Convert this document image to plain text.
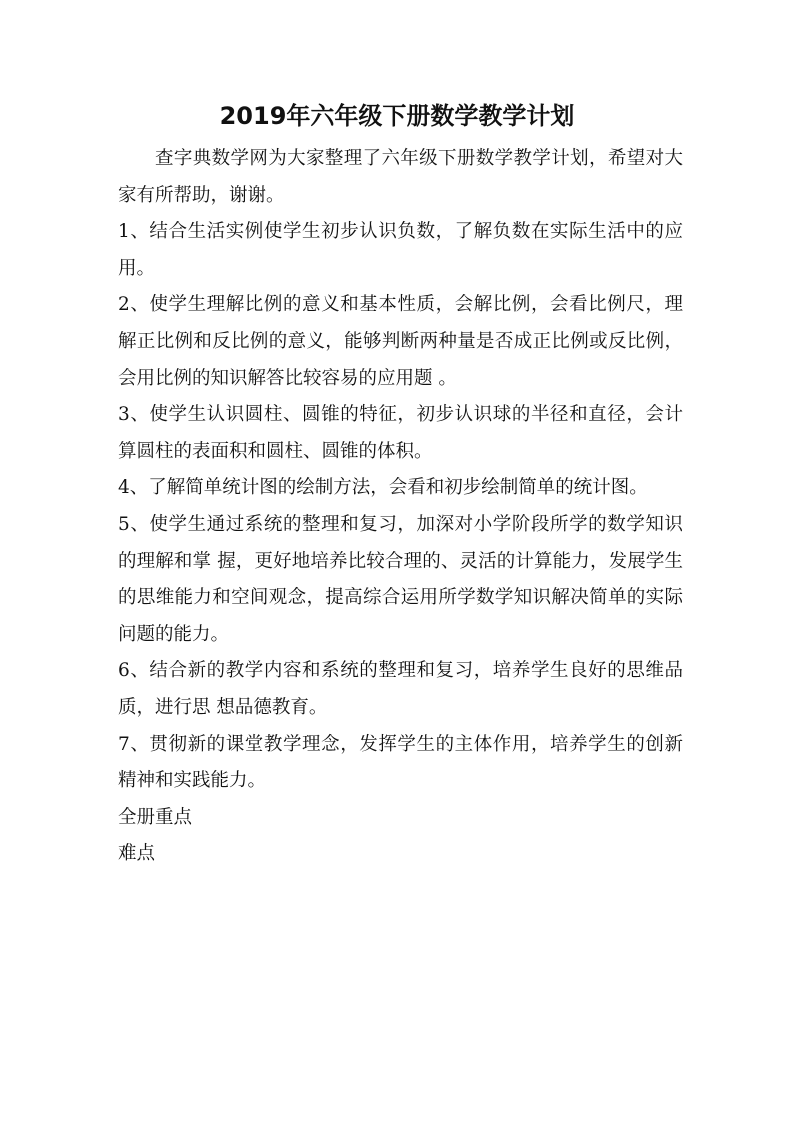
2019年六年级下册数学教学计划

查字典数学网为大家整理了六年级下册数学教学计划，希望对大家有所帮助，谢谢。

1、结合生活实例使学生初步认识负数，了解负数在实际生活中的应用。

2、使学生理解比例的意义和基本性质，会解比例，会看比例尺，理解正比例和反比例的意义，能够判断两种量是否成正比例或反比例，会用比例的知识解答比较容易的应用题 。

3、使学生认识圆柱、圆锥的特征，初步认识球的半径和直径，会计算圆柱的表面积和圆柱、圆锥的体积。

4、了解简单统计图的绘制方法，会看和初步绘制简单的统计图。

5、使学生通过系统的整理和复习，加深对小学阶段所学的数学知识的理解和掌 握，更好地培养比较合理的、灵活的计算能力，发展学生的思维能力和空间观念，提高综合运用所学数学知识解决简单的实际问题的能力。

6、结合新的教学内容和系统的整理和复习，培养学生良好的思维品质，进行思 想品德教育。

7、贯彻新的课堂教学理念，发挥学生的主体作用，培养学生的创新精神和实践能力。

全册重点

难点
